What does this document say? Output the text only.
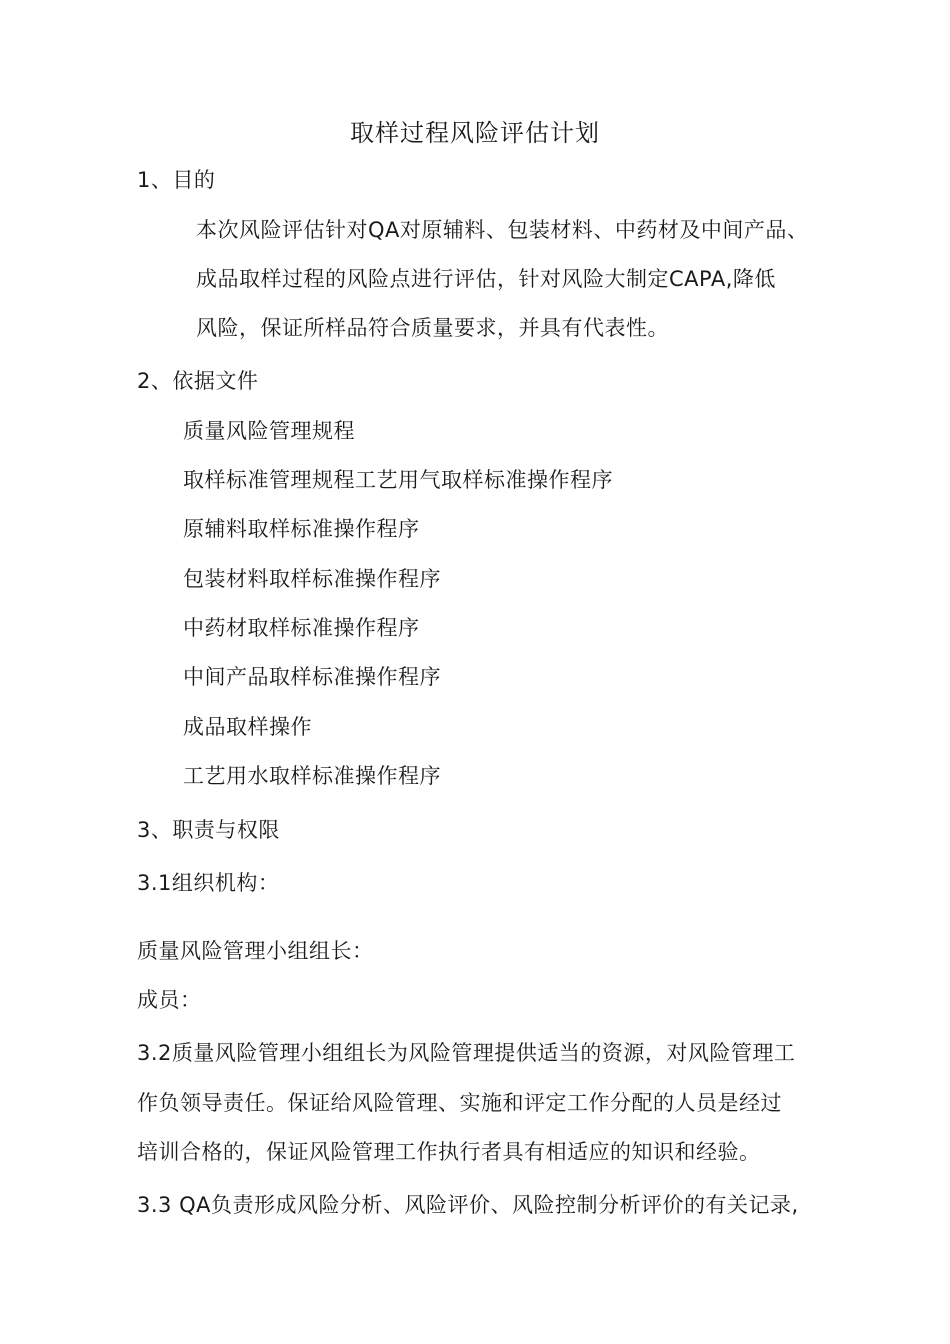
取样过程风险评估计划
1、目的
本次风险评估针对QA对原辅料、包装材料、中药材及中间产品、
成品取样过程的风险点进行评估，针对风险大制定CAPA,降低
风险，保证所样品符合质量要求，并具有代表性。
2、依据文件
质量风险管理规程
取样标准管理规程工艺用气取样标准操作程序
原辅料取样标准操作程序
包装材料取样标准操作程序
中药材取样标准操作程序
中间产品取样标准操作程序
成品取样操作
工艺用水取样标准操作程序
3、职责与权限
3.1组织机构：
质量风险管理小组组长：
成员：
3.2质量风险管理小组组长为风险管理提供适当的资源，对风险管理工
作负领导责任。保证给风险管理、实施和评定工作分配的人员是经过
培训合格的，保证风险管理工作执行者具有相适应的知识和经验。
3.3 QA负责形成风险分析、风险评价、风险控制分析评价的有关记录,
